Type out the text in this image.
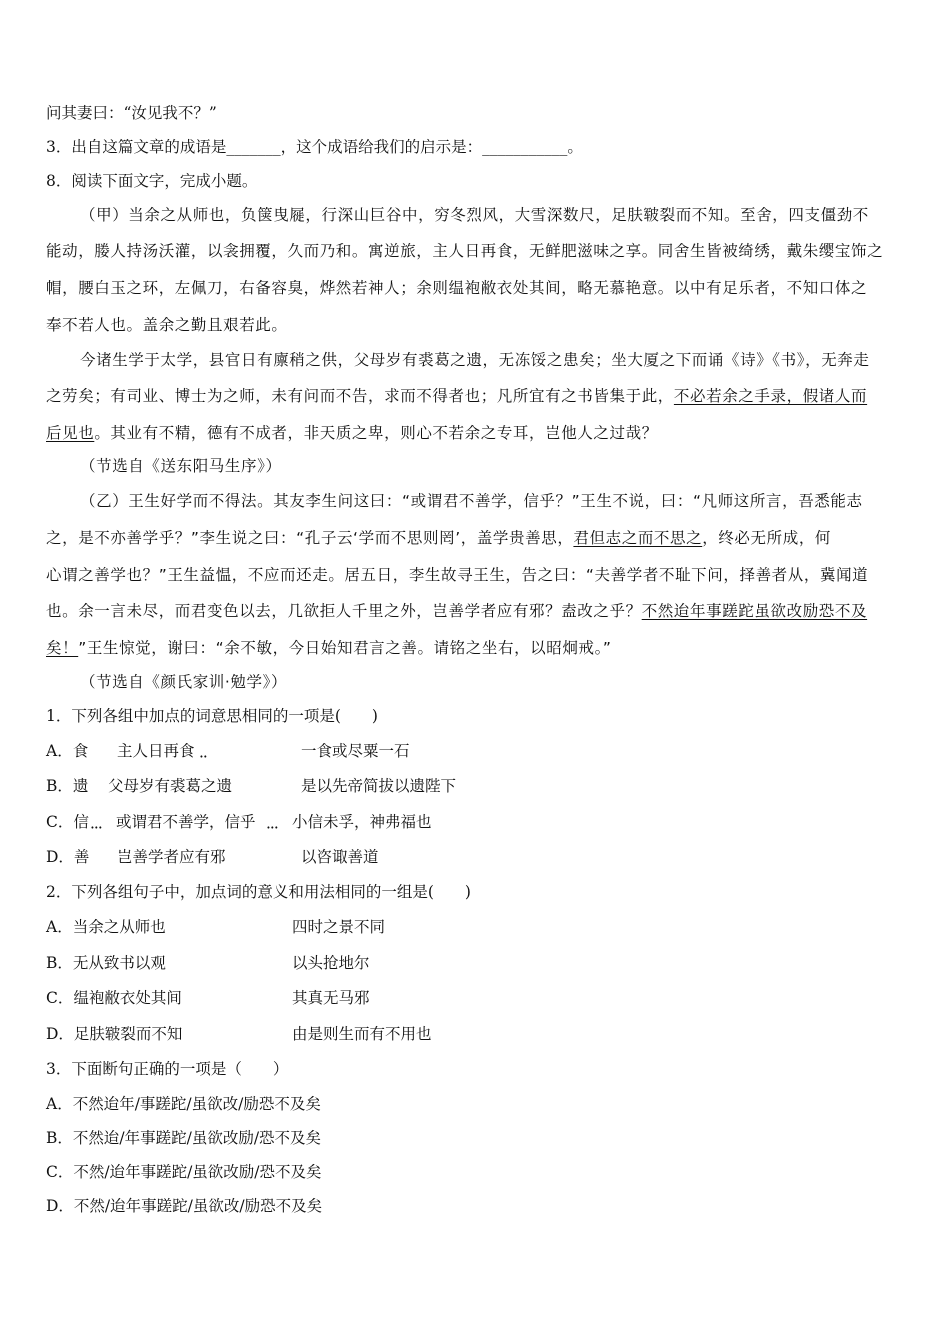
问其妻曰：“汝见我不？”
3．出自这篇文章的成语是_______，这个成语给我们的启示是：___________。
8．阅读下面文字，完成小题。
（甲）当余之从师也，负箧曳屣，行深山巨谷中，穷冬烈风，大雪深数尺，足肤皲裂而不知。至舍，四支僵劲不
能动，媵人持汤沃灌，以衾拥覆，久而乃和。寓逆旅，主人日再食，无鲜肥滋味之享。同舍生皆被绮绣，戴朱缨宝饰之
帽，腰白玉之环，左佩刀，右备容臭，烨然若神人；余则缊袍敝衣处其间，略无慕艳意。以中有足乐者，不知口体之
奉不若人也。盖余之勤且艰若此。
今诸生学于太学，县官日有廪稍之供，父母岁有裘葛之遗，无冻馁之患矣；坐大厦之下而诵《诗》《书》，无奔走
之劳矣；有司业、博士为之师，未有问而不告，求而不得者也；凡所宜有之书皆集于此，不必若余之手录，假诸人而
后见也。其业有不精，德有不成者，非天质之卑，则心不若余之专耳，岂他人之过哉？
（节选自《送东阳马生序》）
（乙）王生好学而不得法。其友李生问这曰：“或谓君不善学，信乎？”王生不说，曰：“凡师这所言，吾悉能志
之，是不亦善学乎？”李生说之曰：“孔子云‘学而不思则罔’，盖学贵善思，君但志之而不思之，终必无所成，何
心谓之善学也？”王生益愠，不应而还走。居五日，李生故寻王生，告之曰：“夫善学者不耻下问，择善者从，冀闻道
也。余一言未尽，而君变色以去，几欲拒人千里之外，岂善学者应有邪？盍改之乎？不然迨年事蹉跎虽欲改励恐不及
矣！”王生惊觉，谢曰：“余不敏，今日始知君言之善。请铭之坐右，以昭炯戒。”
（节选自《颜氏家训·勉学》）
1．下列各组中加点的词意思相同的一项是(　　)
A．食 主人日再食 ··	一食或尽粟一石
B．遗 父母岁有裘葛之遗	是以先帝简拔以遗陛下
C．信 ··· 或谓君不善学，信乎 ··· 小信未孚，神弗福也
D．善 岂善学者应有邪	以咨诹善道
2．下列各组句子中，加点词的意义和用法相同的一组是(　　)
A．当余之从师也	四时之景不同
B．无从致书以观	以头抢地尔
C．缊袍敝衣处其间	其真无马邪
D．足肤皲裂而不知	由是则生而有不用也
3．下面断句正确的一项是（　　）
A．不然迨年/事蹉跎/虽欲改/励恐不及矣
B．不然迨/年事蹉跎/虽欲改励/恐不及矣
C．不然/迨年事蹉跎/虽欲改励/恐不及矣
D．不然/迨年事蹉跎/虽欲改/励恐不及矣
